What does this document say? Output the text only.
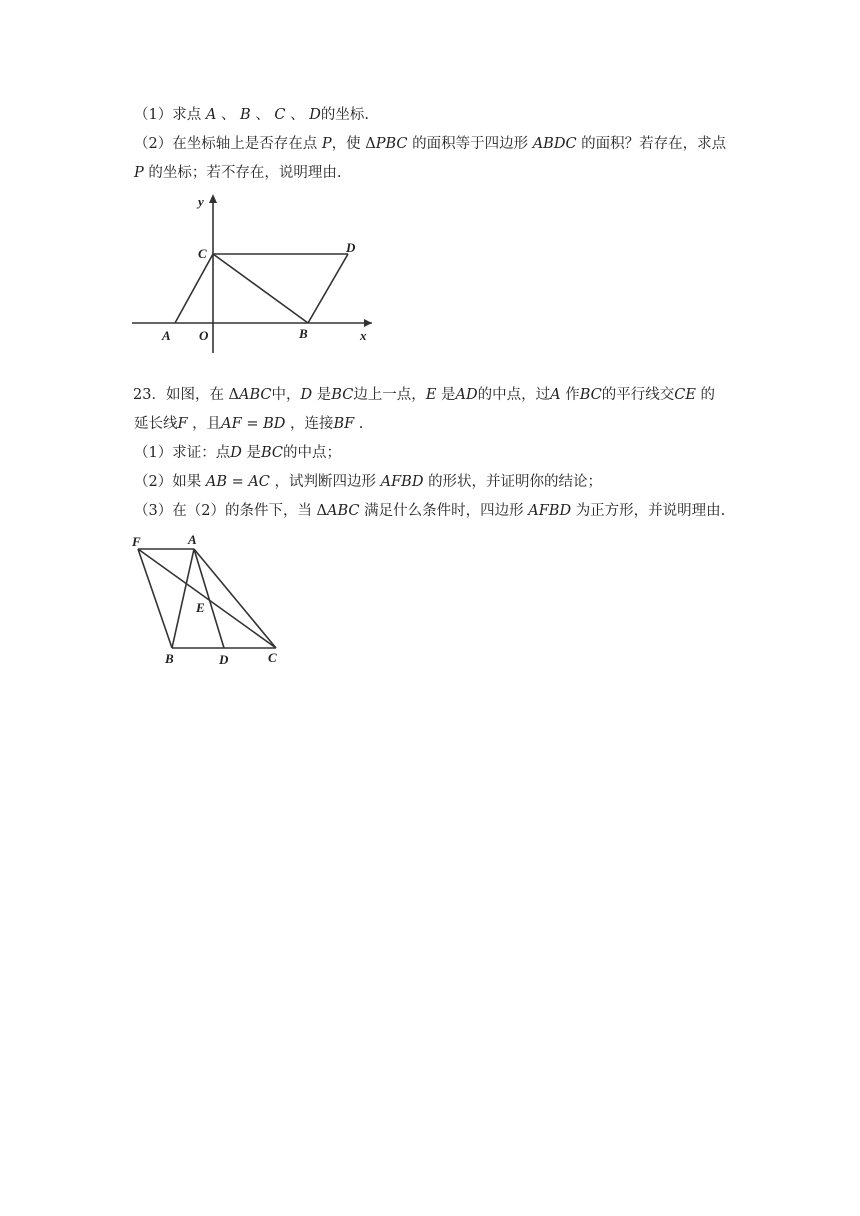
（1）求点 A 、 B 、 C 、 D的坐标.
（2）在坐标轴上是否存在点 P，使 ΔPBC 的面积等于四边形 ABDC 的面积？若存在，求点
P 的坐标；若不存在，说明理由.
y
x
O
A	B
C	D
23．如图，在 ΔABC中，D 是BC边上一点，E 是AD的中点，过A 作BC的平行线交CE 的
延长线F ，且AF = BD ，连接BF .
（1）求证：点D 是BC的中点；
（2）如果 AB = AC ，试判断四边形 AFBD 的形状，并证明你的结论；
（3）在（2）的条件下，当 ΔABC 满足什么条件时，四边形 AFBD 为正方形，并说明理由.
F	A
E
B	D	C
